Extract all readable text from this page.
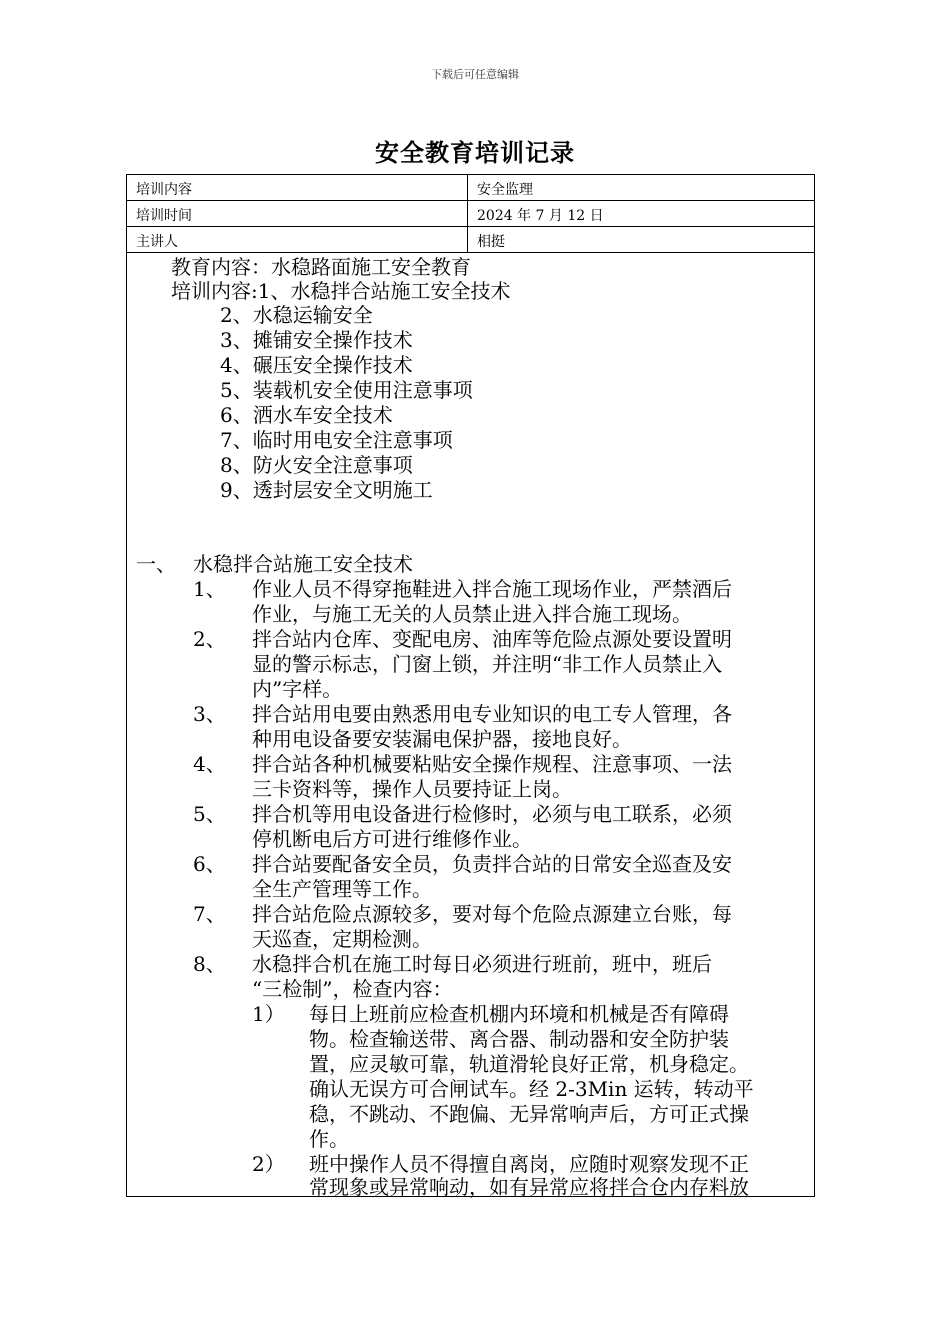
下载后可任意编辑
安全教育培训记录
培训内容	安全监理
培训时间	2024 年 7 月 12 日
主讲人	相挺
教育内容：水稳路面施工安全教育
培训内容:1、水稳拌合站施工安全技术
2、水稳运输安全
3、摊铺安全操作技术
4、碾压安全操作技术
5、装载机安全使用注意事项
6、洒水车安全技术
7、临时用电安全注意事项
8、防火安全注意事项
9、透封层安全文明施工
一、 水稳拌合站施工安全技术
1、 作业人员不得穿拖鞋进入拌合施工现场作业，严禁酒后
作业，与施工无关的人员禁止进入拌合施工现场。
2、 拌合站内仓库、变配电房、油库等危险点源处要设置明
显的警示标志，门窗上锁，并注明“非工作人员禁止入
内”字样。
3、 拌合站用电要由熟悉用电专业知识的电工专人管理，各
种用电设备要安装漏电保护器，接地良好。
4、 拌合站各种机械要粘贴安全操作规程、注意事项、一法
三卡资料等，操作人员要持证上岗。
5、 拌合机等用电设备进行检修时，必须与电工联系，必须
停机断电后方可进行维修作业。
6、 拌合站要配备安全员，负责拌合站的日常安全巡查及安
全生产管理等工作。
7、 拌合站危险点源较多，要对每个危险点源建立台账，每
天巡查，定期检测。
8、 水稳拌合机在施工时每日必须进行班前，班中，班后
“三检制”，检查内容：
1） 每日上班前应检查机棚内环境和机械是否有障碍
物。检查输送带、离合器、制动器和安全防护装
置，应灵敏可靠，轨道滑轮良好正常，机身稳定。
确认无误方可合闸试车。经 2-3Min 运转，转动平
稳，不跳动、不跑偏、无异常响声后，方可正式操
作。
2） 班中操作人员不得擅自离岗，应随时观察发现不正
常现象或异常响动，如有异常应将拌合仓内存料放
